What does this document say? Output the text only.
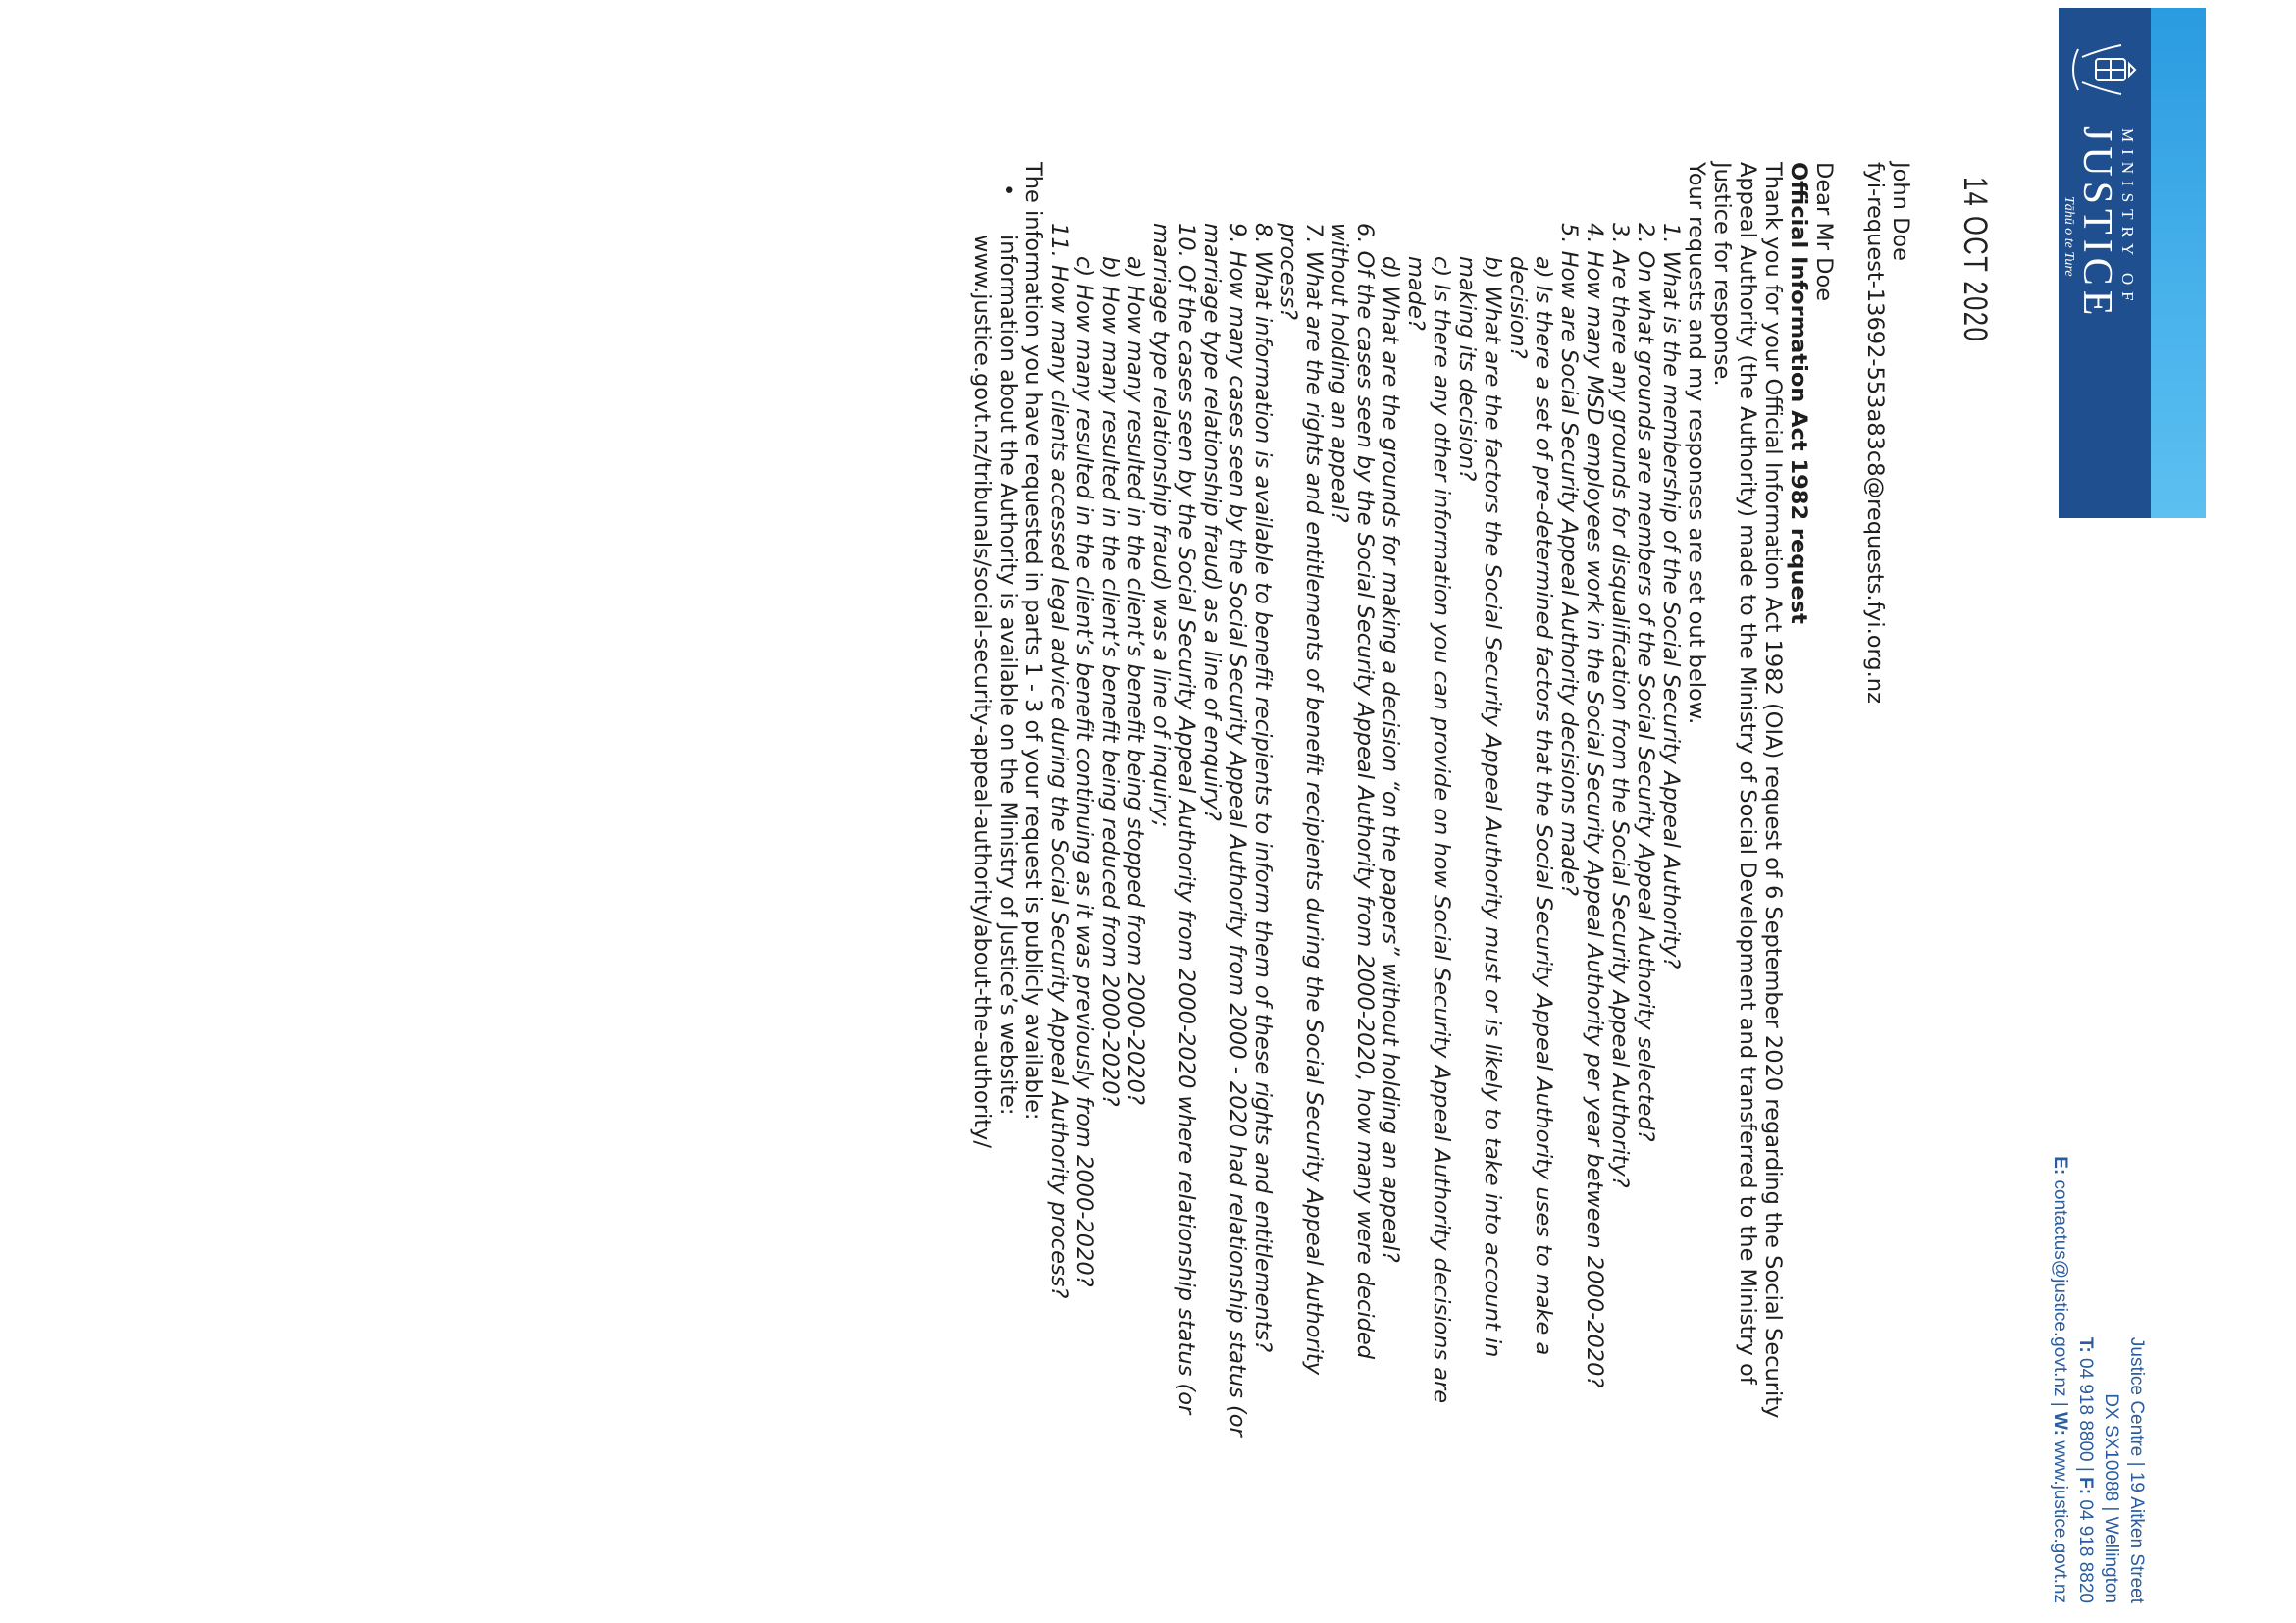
MINISTRY OF
JUSTICE
Tāhū o te Ture
Justice Centre | 19 Aitken Street
DX SX10088 | Wellington
T: 04 918 8800 | F: 04 918 8820
E: contactus@justice.govt.nz | W: www.justice.govt.nz
14 OCT 2020

John Doe

fyi-request-13692-553a83c8@requests.fyi.org.nz

Dear Mr Doe

Official Information Act 1982 request

Thank you for your Official Information Act 1982 (OIA) request of 6 September 2020 regarding the Social Security Appeal Authority (the Authority) made to the Ministry of Social Development and transferred to the Ministry of Justice for response.

Your requests and my responses are set out below.

1. What is the membership of the Social Security Appeal Authority?
2. On what grounds are members of the Social Security Appeal Authority selected?
3. Are there any grounds for disqualification from the Social Security Appeal Authority?
4. How many MSD employees work in the Social Security Appeal Authority per year between 2000-2020?
5. How are Social Security Appeal Authority decisions made?
a) Is there a set of pre-determined factors that the Social Security Appeal Authority uses to make a decision?
b) What are the factors the Social Security Appeal Authority must or is likely to take into account in making its decision?
c) Is there any other information you can provide on how Social Security Appeal Authority decisions are made?
d) What are the grounds for making a decision “on the papers” without holding an appeal?
6. Of the cases seen by the Social Security Appeal Authority from 2000-2020, how many were decided without holding an appeal?
7. What are the rights and entitlements of benefit recipients during the Social Security Appeal Authority process?
8. What information is available to benefit recipients to inform them of these rights and entitlements?
9. How many cases seen by the Social Security Appeal Authority from 2000 - 2020 had relationship status (or marriage type relationship fraud) as a line of enquiry?
10. Of the cases seen by the Social Security Appeal Authority from 2000-2020 where relationship status (or marriage type relationship fraud) was a line of inquiry;
a) How many resulted in the client’s benefit being stopped from 2000-2020?
b) How many resulted in the client’s benefit being reduced from 2000-2020?
c) How many resulted in the client’s benefit continuing as it was previously from 2000-2020?
11. How many clients accessed legal advice during the Social Security Appeal Authority process?

The information you have requested in parts 1 - 3 of your request is publicly available:

•
information about the Authority is available on the Ministry of Justice’s website: www.justice.govt.nz/tribunals/social-security-appeal-authority/about-the-authority/
